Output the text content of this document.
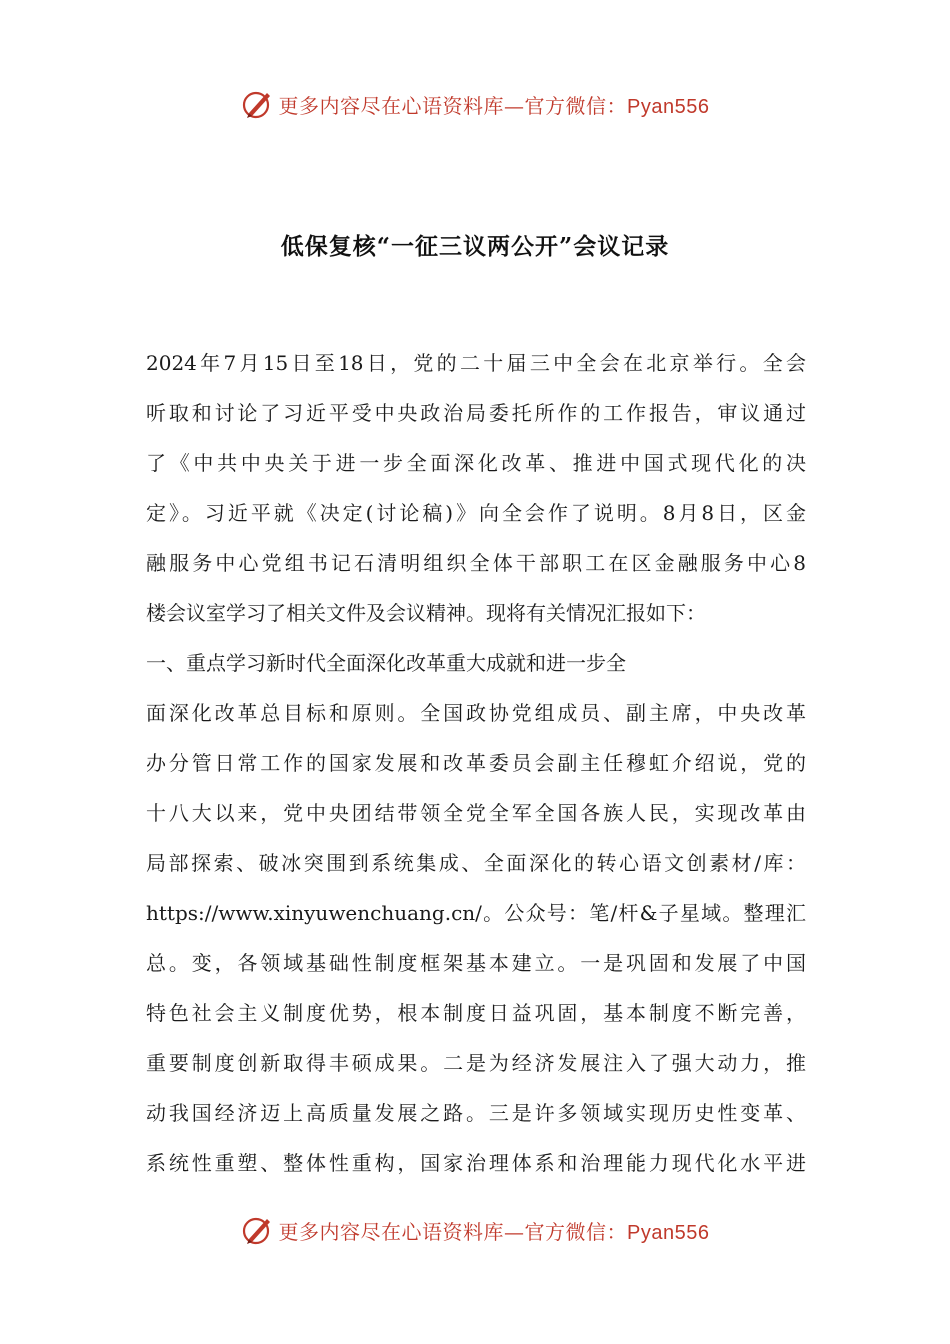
更多内容尽在心语资料库—官方微信：Pyan556
低保复核“一征三议两公开”会议记录
2024年7月15日至18日，党的二十届三中全会在北京举行。全会
听取和讨论了习近平受中央政治局委托所作的工作报告，审议通过
了《中共中央关于进一步全面深化改革、推进中国式现代化的决
定》。习近平就《决定(讨论稿)》向全会作了说明。8月8日，区金
融服务中心党组书记石清明组织全体干部职工在区金融服务中心8
楼会议室学习了相关文件及会议精神。现将有关情况汇报如下：
一、重点学习新时代全面深化改革重大成就和进一步全
面深化改革总目标和原则。全国政协党组成员、副主席，中央改革
办分管日常工作的国家发展和改革委员会副主任穆虹介绍说，党的
十八大以来，党中央团结带领全党全军全国各族人民，实现改革由
局部探索、破冰突围到系统集成、全面深化的转心语文创素材/库：
https://www.xinyuwenchuang.cn/。公众号：笔/杆&子星域。整理汇
总。变，各领域基础性制度框架基本建立。一是巩固和发展了中国
特色社会主义制度优势，根本制度日益巩固，基本制度不断完善，
重要制度创新取得丰硕成果。二是为经济发展注入了强大动力，推
动我国经济迈上高质量发展之路。三是许多领域实现历史性变革、
系统性重塑、整体性重构，国家治理体系和治理能力现代化水平进
更多内容尽在心语资料库—官方微信：Pyan556
